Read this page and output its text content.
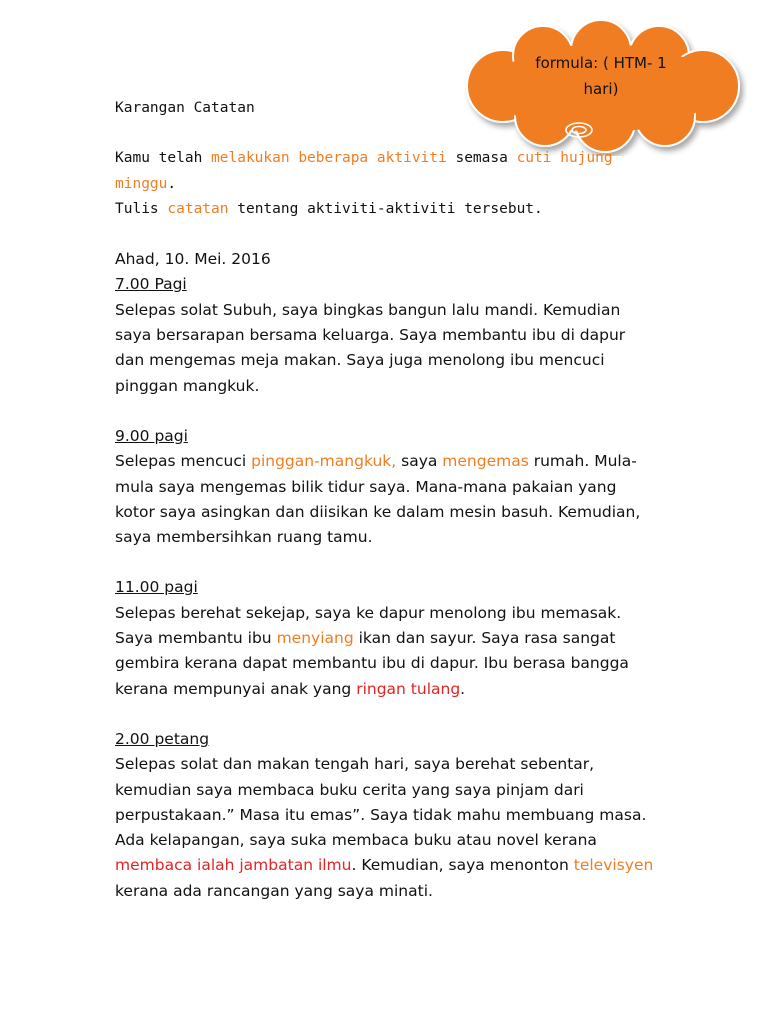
formula: ( HTM- 1
hari)
Karangan Catatan
Kamu telah melakukan beberapa aktiviti semasa cuti hujung
minggu.
Tulis catatan tentang aktiviti-aktiviti tersebut.
Ahad, 10. Mei. 2016
7.00 Pagi
Selepas solat Subuh, saya bingkas bangun lalu mandi. Kemudian
saya bersarapan bersama keluarga. Saya membantu ibu di dapur
dan mengemas meja makan. Saya juga menolong ibu mencuci
pinggan mangkuk.
9.00 pagi
Selepas mencuci pinggan-mangkuk, saya mengemas rumah. Mula-
mula saya mengemas bilik tidur saya. Mana-mana pakaian yang
kotor saya asingkan dan diisikan ke dalam mesin basuh. Kemudian,
saya membersihkan ruang tamu.
11.00 pagi
Selepas berehat sekejap, saya ke dapur menolong ibu memasak.
Saya membantu ibu menyiang ikan dan sayur. Saya rasa sangat
gembira kerana dapat membantu ibu di dapur. Ibu berasa bangga
kerana mempunyai anak yang ringan tulang.
2.00 petang
Selepas solat dan makan tengah hari, saya berehat sebentar,
kemudian saya membaca buku cerita yang saya pinjam dari
perpustakaan.” Masa itu emas”. Saya tidak mahu membuang masa.
Ada kelapangan, saya suka membaca buku atau novel kerana
membaca ialah jambatan ilmu. Kemudian, saya menonton televisyen
kerana ada rancangan yang saya minati.
